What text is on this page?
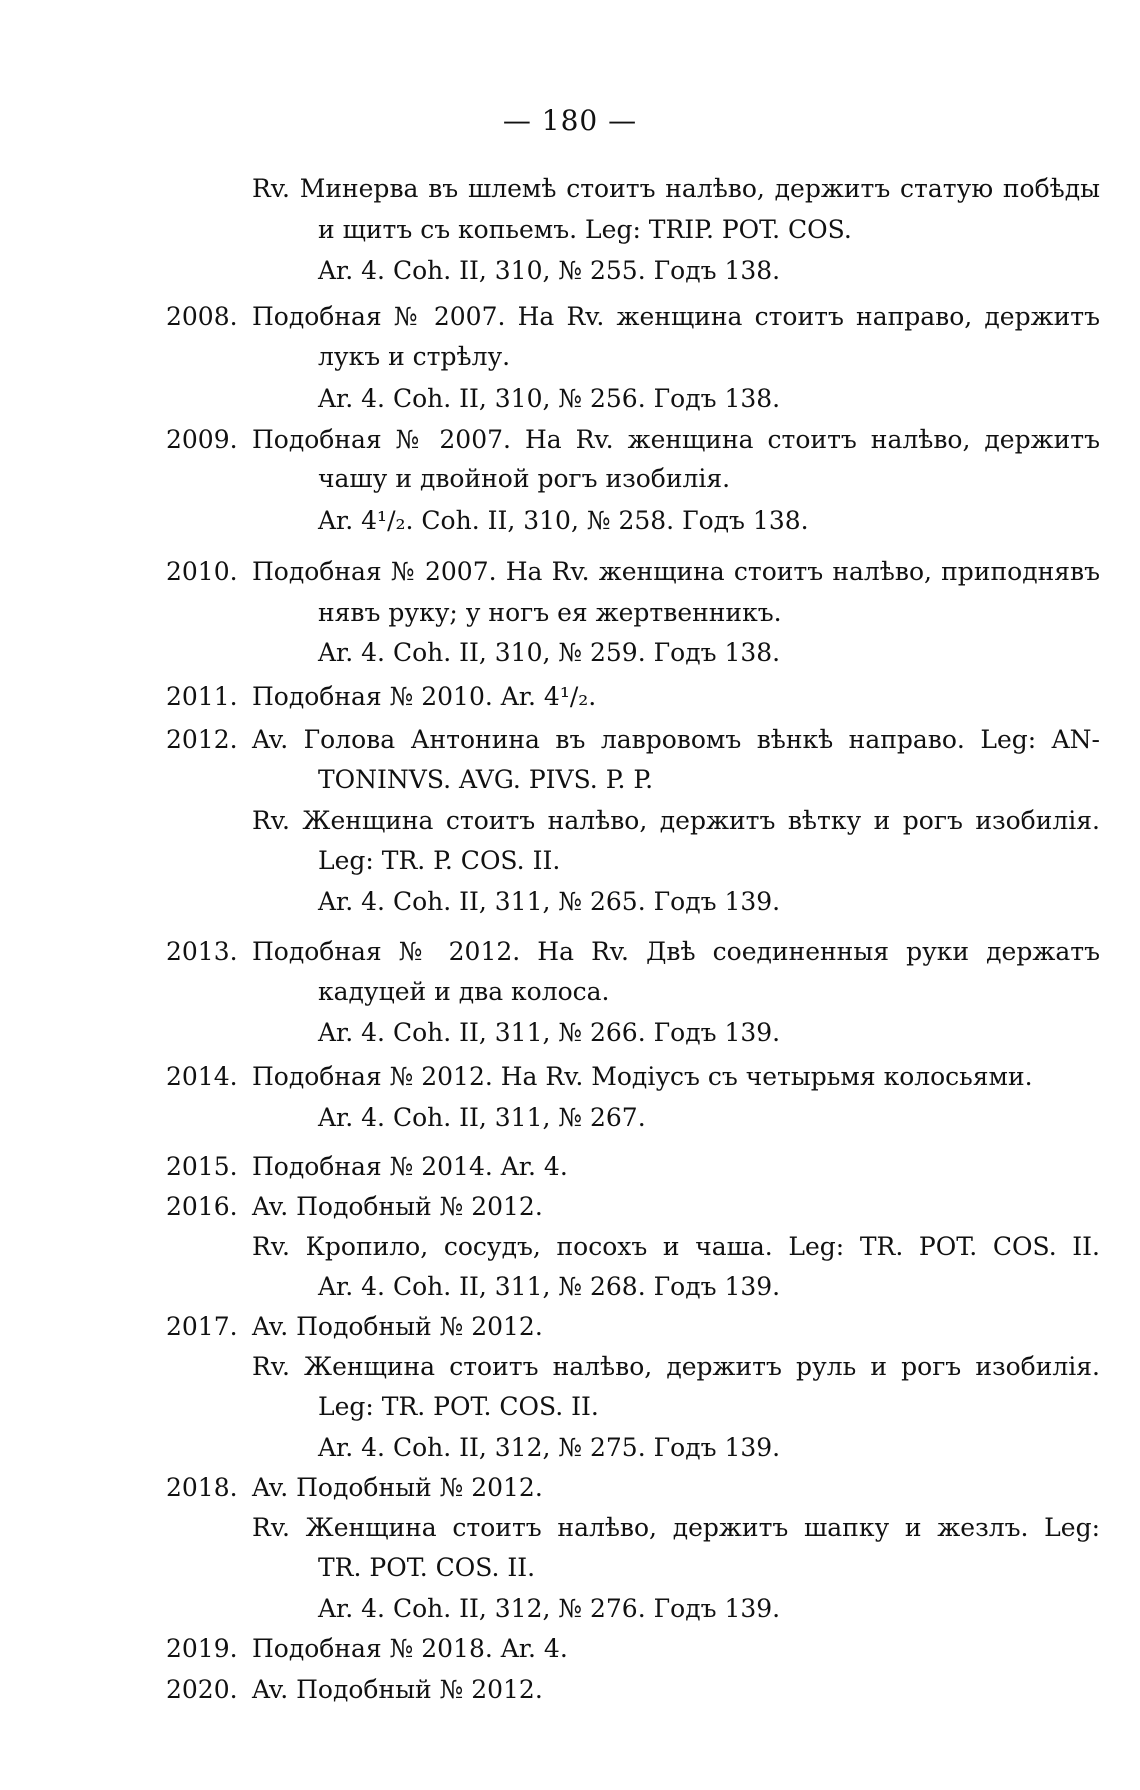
— 180 —
Rv. Минерва въ шлемѣ стоитъ налѣво, держитъ статую побѣды
и щитъ съ копьемъ. Leg: TRIP. POT. COS.
Ar. 4. Coh. II, 310, № 255. Годъ 138.
2008. Подобная № 2007. На Rv. женщина стоитъ направо, держитъ
лукъ и стрѣлу.
Ar. 4. Coh. II, 310, № 256. Годъ 138.
2009. Подобная № 2007. На Rv. женщина стоитъ налѣво, держитъ
чашу и двойной рогъ изобилія.
Ar. 4¹/₂. Coh. II, 310, № 258. Годъ 138.
2010. Подобная № 2007. На Rv. женщина стоитъ налѣво, приподнявъ
нявъ руку; у ногъ ея жертвенникъ.
Ar. 4. Coh. II, 310, № 259. Годъ 138.
2011. Подобная № 2010. Ar. 4¹/₂.
2012. Av. Голова Антонина въ лавровомъ вѣнкѣ направо. Leg: AN-
TONINVS. AVG. PIVS. P. P.
Rv. Женщина стоитъ налѣво, держитъ вѣтку и рогъ изобилія.
Leg: TR. P. COS. II.
Ar. 4. Coh. II, 311, № 265. Годъ 139.
2013. Подобная № 2012. На Rv. Двѣ соединенныя руки держатъ
кадуцей и два колоса.
Ar. 4. Coh. II, 311, № 266. Годъ 139.
2014. Подобная № 2012. На Rv. Модіусъ съ четырьмя колосьями.
Ar. 4. Coh. II, 311, № 267.
2015. Подобная № 2014. Ar. 4.
2016. Av. Подобный № 2012.
Rv. Кропило, сосудъ, посохъ и чаша. Leg: TR. POT. COS. II.
Ar. 4. Coh. II, 311, № 268. Годъ 139.
2017. Av. Подобный № 2012.
Rv. Женщина стоитъ налѣво, держитъ руль и рогъ изобилія.
Leg: TR. POT. COS. II.
Ar. 4. Coh. II, 312, № 275. Годъ 139.
2018. Av. Подобный № 2012.
Rv. Женщина стоитъ налѣво, держитъ шапку и жезлъ. Leg:
TR. POT. COS. II.
Ar. 4. Coh. II, 312, № 276. Годъ 139.
2019. Подобная № 2018. Ar. 4.
2020. Av. Подобный № 2012.
